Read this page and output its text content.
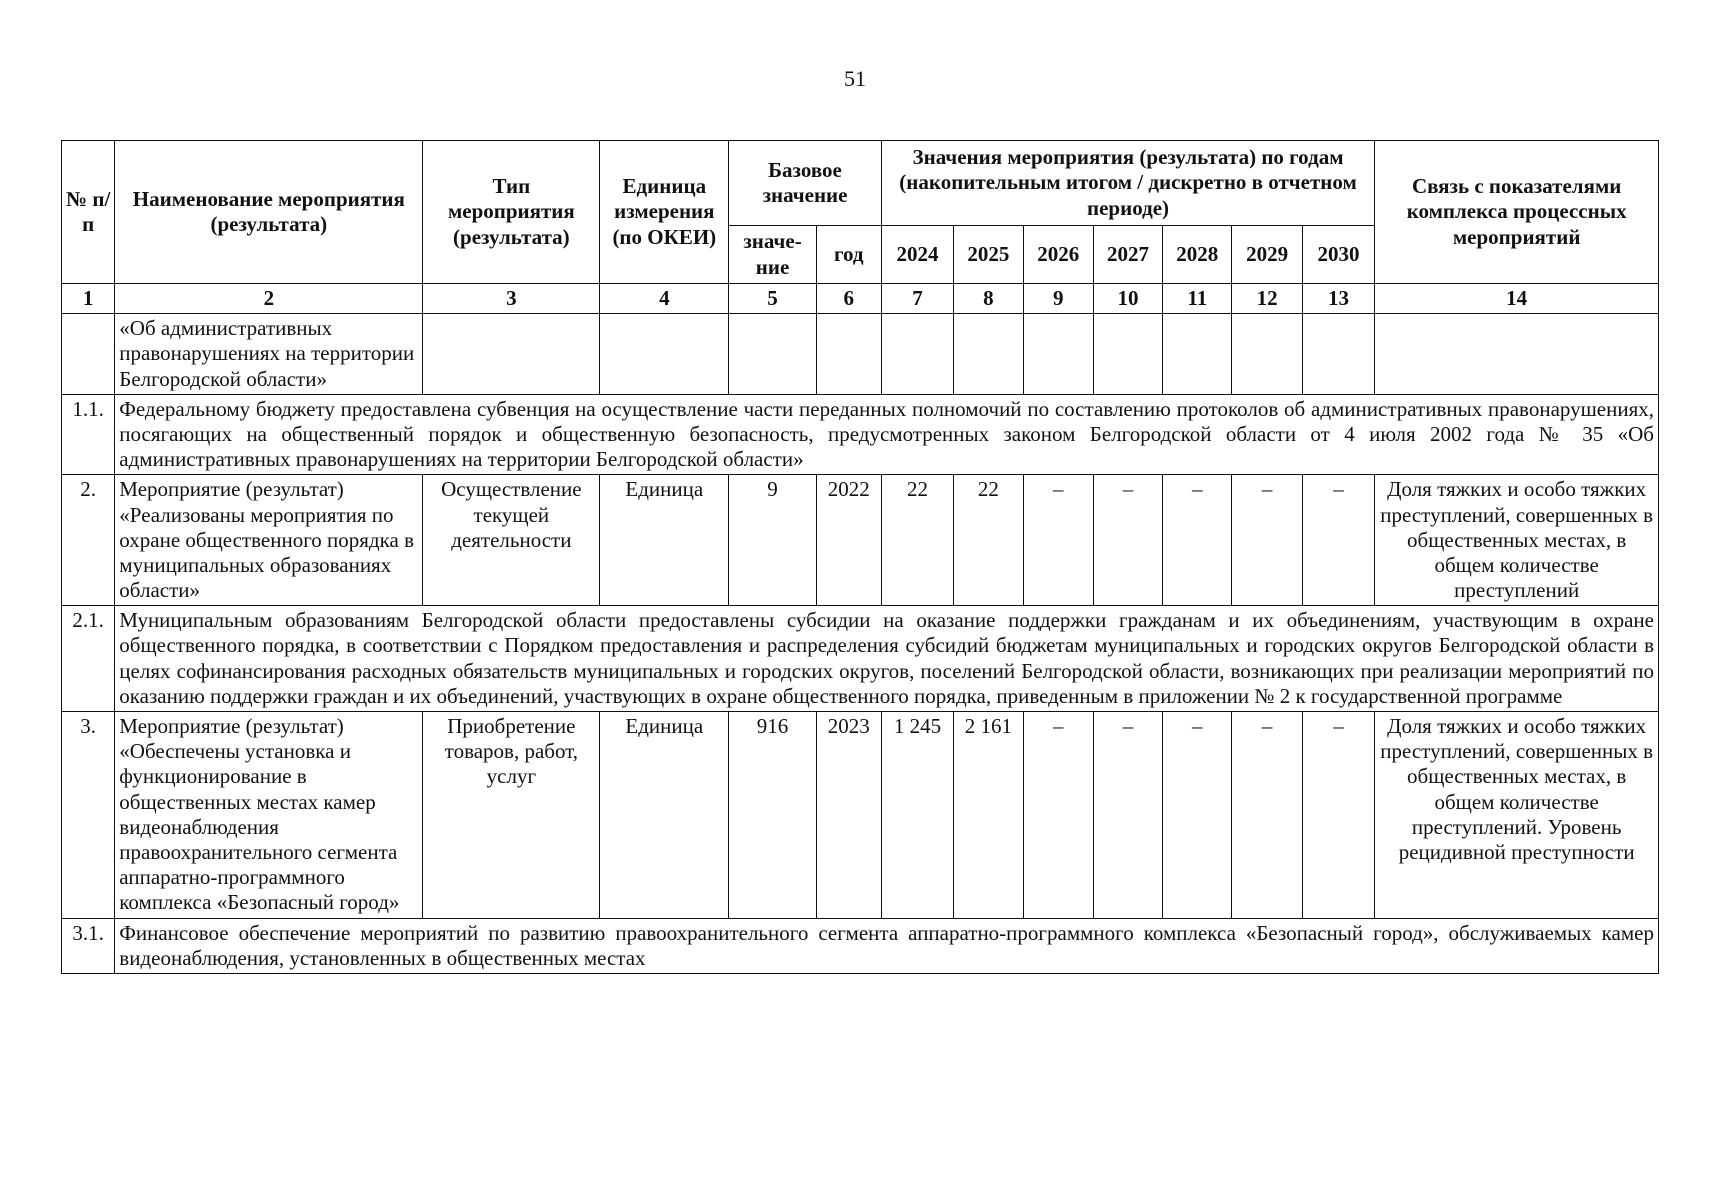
51
№ п/п	Наименование мероприятия (результата)	Тип мероприятия (результата)	Единица измерения (по ОКЕИ)	Базовое значение		Значения мероприятия (результата) по годам (накопительным итогом / дискретно в отчетном периоде)							Связь с показателями комплекса процессных мероприятий
				значе-ние	год	2024	2025	2026	2027	2028	2029	2030	
1	2	3	4	5	6	7	8	9	10	11	12	13	14
	«Об административных правонарушениях на территории Белгородской области»												
1.1.	Федеральному бюджету предоставлена субвенция на осуществление части переданных полномочий по составлению протоколов об административных правонарушениях, посягающих на общественный порядок и общественную безопасность, предусмотренных законом Белгородской области от 4 июля 2002 года № 35 «Об административных правонарушениях на территории Белгородской области»												
2.	Мероприятие (результат) «Реализованы мероприятия по охране общественного порядка в муниципальных образованиях области»	Осуществление текущей деятельности	Единица	9	2022	22	22	–	–	–	–	–	Доля тяжких и особо тяжких преступлений, совершенных в общественных местах, в общем количестве преступлений
2.1.	Муниципальным образованиям Белгородской области предоставлены субсидии на оказание поддержки гражданам и их объединениям, участвующим в охране общественного порядка, в соответствии с Порядком предоставления и распределения субсидий бюджетам муниципальных и городских округов Белгородской области в целях софинансирования расходных обязательств муниципальных и городских округов, поселений Белгородской области, возникающих при реализации мероприятий по оказанию поддержки граждан и их объединений, участвующих в охране общественного порядка, приведенным в приложении № 2 к государственной программе												
3.	Мероприятие (результат) «Обеспечены установка и функционирование в общественных местах камер видеонаблюдения правоохранительного сегмента аппаратно-программного комплекса «Безопасный город»	Приобретение товаров, работ, услуг	Единица	916	2023	1 245	2 161	–	–	–	–	–	Доля тяжких и особо тяжких преступлений, совершенных в общественных местах, в общем количестве преступлений. Уровень рецидивной преступности
3.1.	Финансовое обеспечение мероприятий по развитию правоохранительного сегмента аппаратно-программного комплекса «Безопасный город», обслуживаемых камер видеонаблюдения, установленных в общественных местах												
